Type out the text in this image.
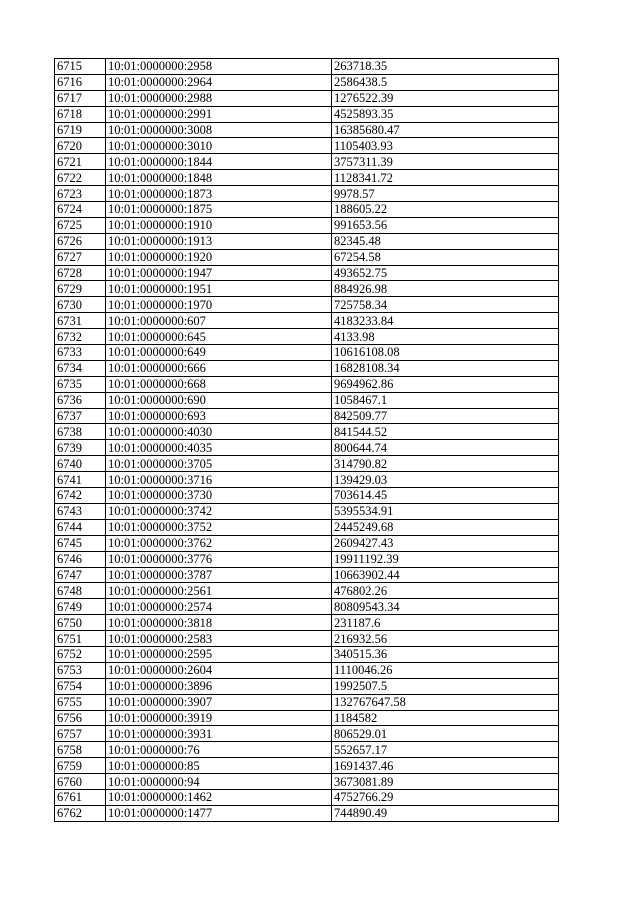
6715	10:01:0000000:2958	263718.35
6716	10:01:0000000:2964	2586438.5
6717	10:01:0000000:2988	1276522.39
6718	10:01:0000000:2991	4525893.35
6719	10:01:0000000:3008	16385680.47
6720	10:01:0000000:3010	1105403.93
6721	10:01:0000000:1844	3757311.39
6722	10:01:0000000:1848	1128341.72
6723	10:01:0000000:1873	9978.57
6724	10:01:0000000:1875	188605.22
6725	10:01:0000000:1910	991653.56
6726	10:01:0000000:1913	82345.48
6727	10:01:0000000:1920	67254.58
6728	10:01:0000000:1947	493652.75
6729	10:01:0000000:1951	884926.98
6730	10:01:0000000:1970	725758.34
6731	10:01:0000000:607	4183233.84
6732	10:01:0000000:645	4133.98
6733	10:01:0000000:649	10616108.08
6734	10:01:0000000:666	16828108.34
6735	10:01:0000000:668	9694962.86
6736	10:01:0000000:690	1058467.1
6737	10:01:0000000:693	842509.77
6738	10:01:0000000:4030	841544.52
6739	10:01:0000000:4035	800644.74
6740	10:01:0000000:3705	314790.82
6741	10:01:0000000:3716	139429.03
6742	10:01:0000000:3730	703614.45
6743	10:01:0000000:3742	5395534.91
6744	10:01:0000000:3752	2445249.68
6745	10:01:0000000:3762	2609427.43
6746	10:01:0000000:3776	19911192.39
6747	10:01:0000000:3787	10663902.44
6748	10:01:0000000:2561	476802.26
6749	10:01:0000000:2574	80809543.34
6750	10:01:0000000:3818	231187.6
6751	10:01:0000000:2583	216932.56
6752	10:01:0000000:2595	340515.36
6753	10:01:0000000:2604	1110046.26
6754	10:01:0000000:3896	1992507.5
6755	10:01:0000000:3907	132767647.58
6756	10:01:0000000:3919	1184582
6757	10:01:0000000:3931	806529.01
6758	10:01:0000000:76	552657.17
6759	10:01:0000000:85	1691437.46
6760	10:01:0000000:94	3673081.89
6761	10:01:0000000:1462	4752766.29
6762	10:01:0000000:1477	744890.49
